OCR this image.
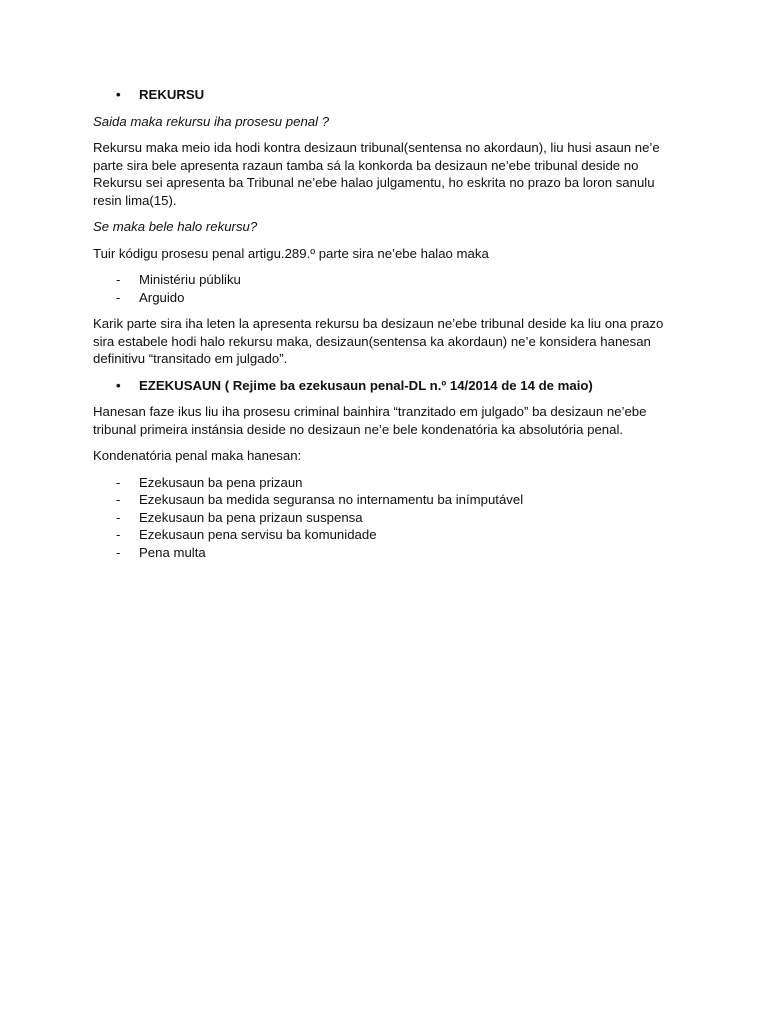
• REKURSU

Saida maka rekursu iha prosesu penal ?

Rekursu maka meio ida hodi kontra desizaun tribunal(sentensa no akordaun), liu husi asaun ne’e parte sira bele apresenta razaun tamba sá la konkorda ba desizaun ne’ebe tribunal deside no Rekursu sei apresenta ba Tribunal ne’ebe halao julgamentu, ho eskrita no prazo ba loron sanulu resin lima(15).

Se maka bele halo rekursu?

Tuir kódigu prosesu penal artigu.289.º parte sira ne’ebe halao maka

- Ministériu públiku
- Arguido

Karik parte sira iha leten la apresenta rekursu ba desizaun ne’ebe tribunal deside ka liu ona prazo sira estabele hodi halo rekursu maka, desizaun(sentensa ka akordaun) ne’e konsidera hanesan definitivu “transitado em julgado”.

• EZEKUSAUN ( Rejime ba ezekusaun penal-DL n.º 14/2014 de 14 de maio)

Hanesan faze ikus liu iha prosesu criminal bainhira “tranzitado em julgado” ba desizaun ne’ebe tribunal primeira instánsia deside no desizaun ne’e bele kondenatória ka absolutória penal.

Kondenatória penal maka hanesan:

- Ezekusaun ba pena prizaun
- Ezekusaun ba medida seguransa no internamentu ba inímputável
- Ezekusaun ba pena prizaun suspensa
- Ezekusaun pena servisu ba komunidade
- Pena multa
